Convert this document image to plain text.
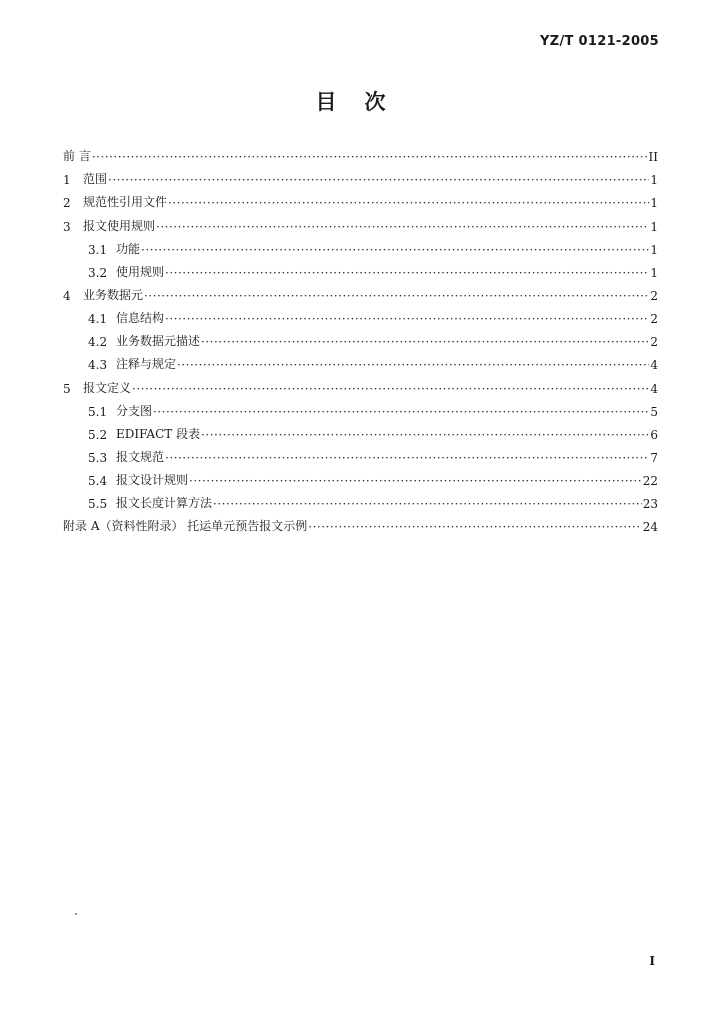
YZ/T 0121-2005
目次
前 言 ·····	II
1	范围 ·····	1
2	规范性引用文件 ·····	1
3	报文使用规则 ·····	1
3.1 功能 ·····	1
3.2 使用规则 ·····	1
4	业务数据元 ·····	2
4.1 信息结构 ·····	2
4.2 业务数据元描述 ·····	2
4.3 注释与规定 ·····	4
5	报文定义 ·····	4
5.1 分支图 ·····	5
5.2 EDIFACT 段表 ·····	6
5.3 报文规范 ·····	7
5.4 报文设计规则 ·····	22
5.5 报文长度计算方法 ·····	23
附录 A（资料性附录） 托运单元预告报文示例 ·····	24
I
